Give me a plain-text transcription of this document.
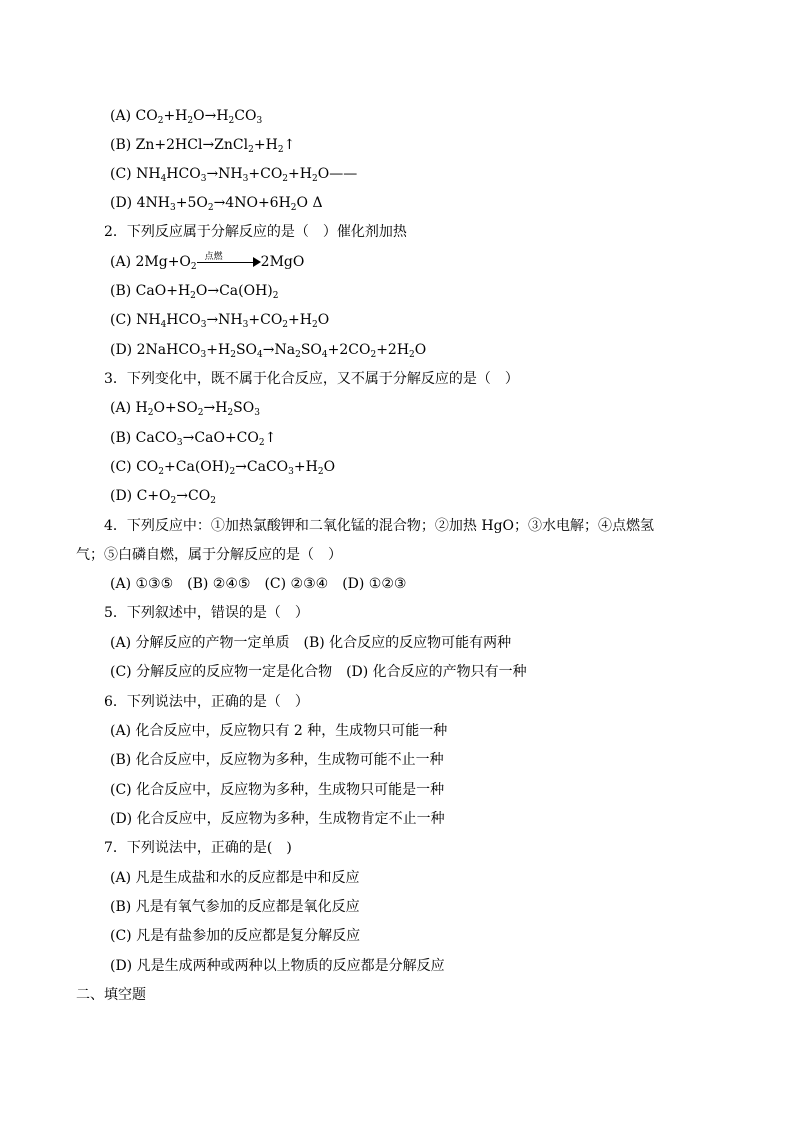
(A) $CO_2+H_2O\to H_2CO_3$
(B) $Zn+2HCl\to ZnCl_2+H_2↑$
(C) $NH_4HCO_3\to NH_3+CO_2+H_2O——$
(D) $4NH_3+5O_2\to 4NO+6H_2O$ Δ
2．下列反应属于分解反应的是（　）催化剂加热
(A) $2Mg+O_2$
点燃	2MgO
(B) $CaO+H_2O\to Ca(OH)_2$
(C) $NH_4HCO_3\to NH_3+CO_2+H_2O$
(D) $2NaHCO_3+H_2SO_4\to Na_2SO_4+2CO_2+2H_2O$
3．下列变化中，既不属于化合反应，又不属于分解反应的是（　）
(A) $H_2O+SO_2\to H_2SO_3$
(B) $CaCO_3\to CaO+CO_2↑$
(C) $CO_2+Ca(OH)_2\to CaCO_3+H_2O$
(D) $C+O_2\to CO_2$
4．下列反应中：①加热氯酸钾和二氧化锰的混合物；②加热 HgO；③水电解；④点燃氢
气；⑤白磷自燃，属于分解反应的是（　）
(A) ①③⑤　(B) ②④⑤　(C) ②③④　(D) ①②③
5．下列叙述中，错误的是（　）
(A) 分解反应的产物一定单质　(B) 化合反应的反应物可能有两种
(C) 分解反应的反应物一定是化合物　(D) 化合反应的产物只有一种
6．下列说法中，正确的是（　）
(A) 化合反应中，反应物只有 2 种，生成物只可能一种
(B) 化合反应中，反应物为多种，生成物可能不止一种
(C) 化合反应中，反应物为多种，生成物只可能是一种
(D) 化合反应中，反应物为多种，生成物肯定不止一种
7．下列说法中，正确的是(　)
(A) 凡是生成盐和水的反应都是中和反应
(B) 凡是有氧气参加的反应都是氧化反应
(C) 凡是有盐参加的反应都是复分解反应
(D) 凡是生成两种或两种以上物质的反应都是分解反应
二、填空题
